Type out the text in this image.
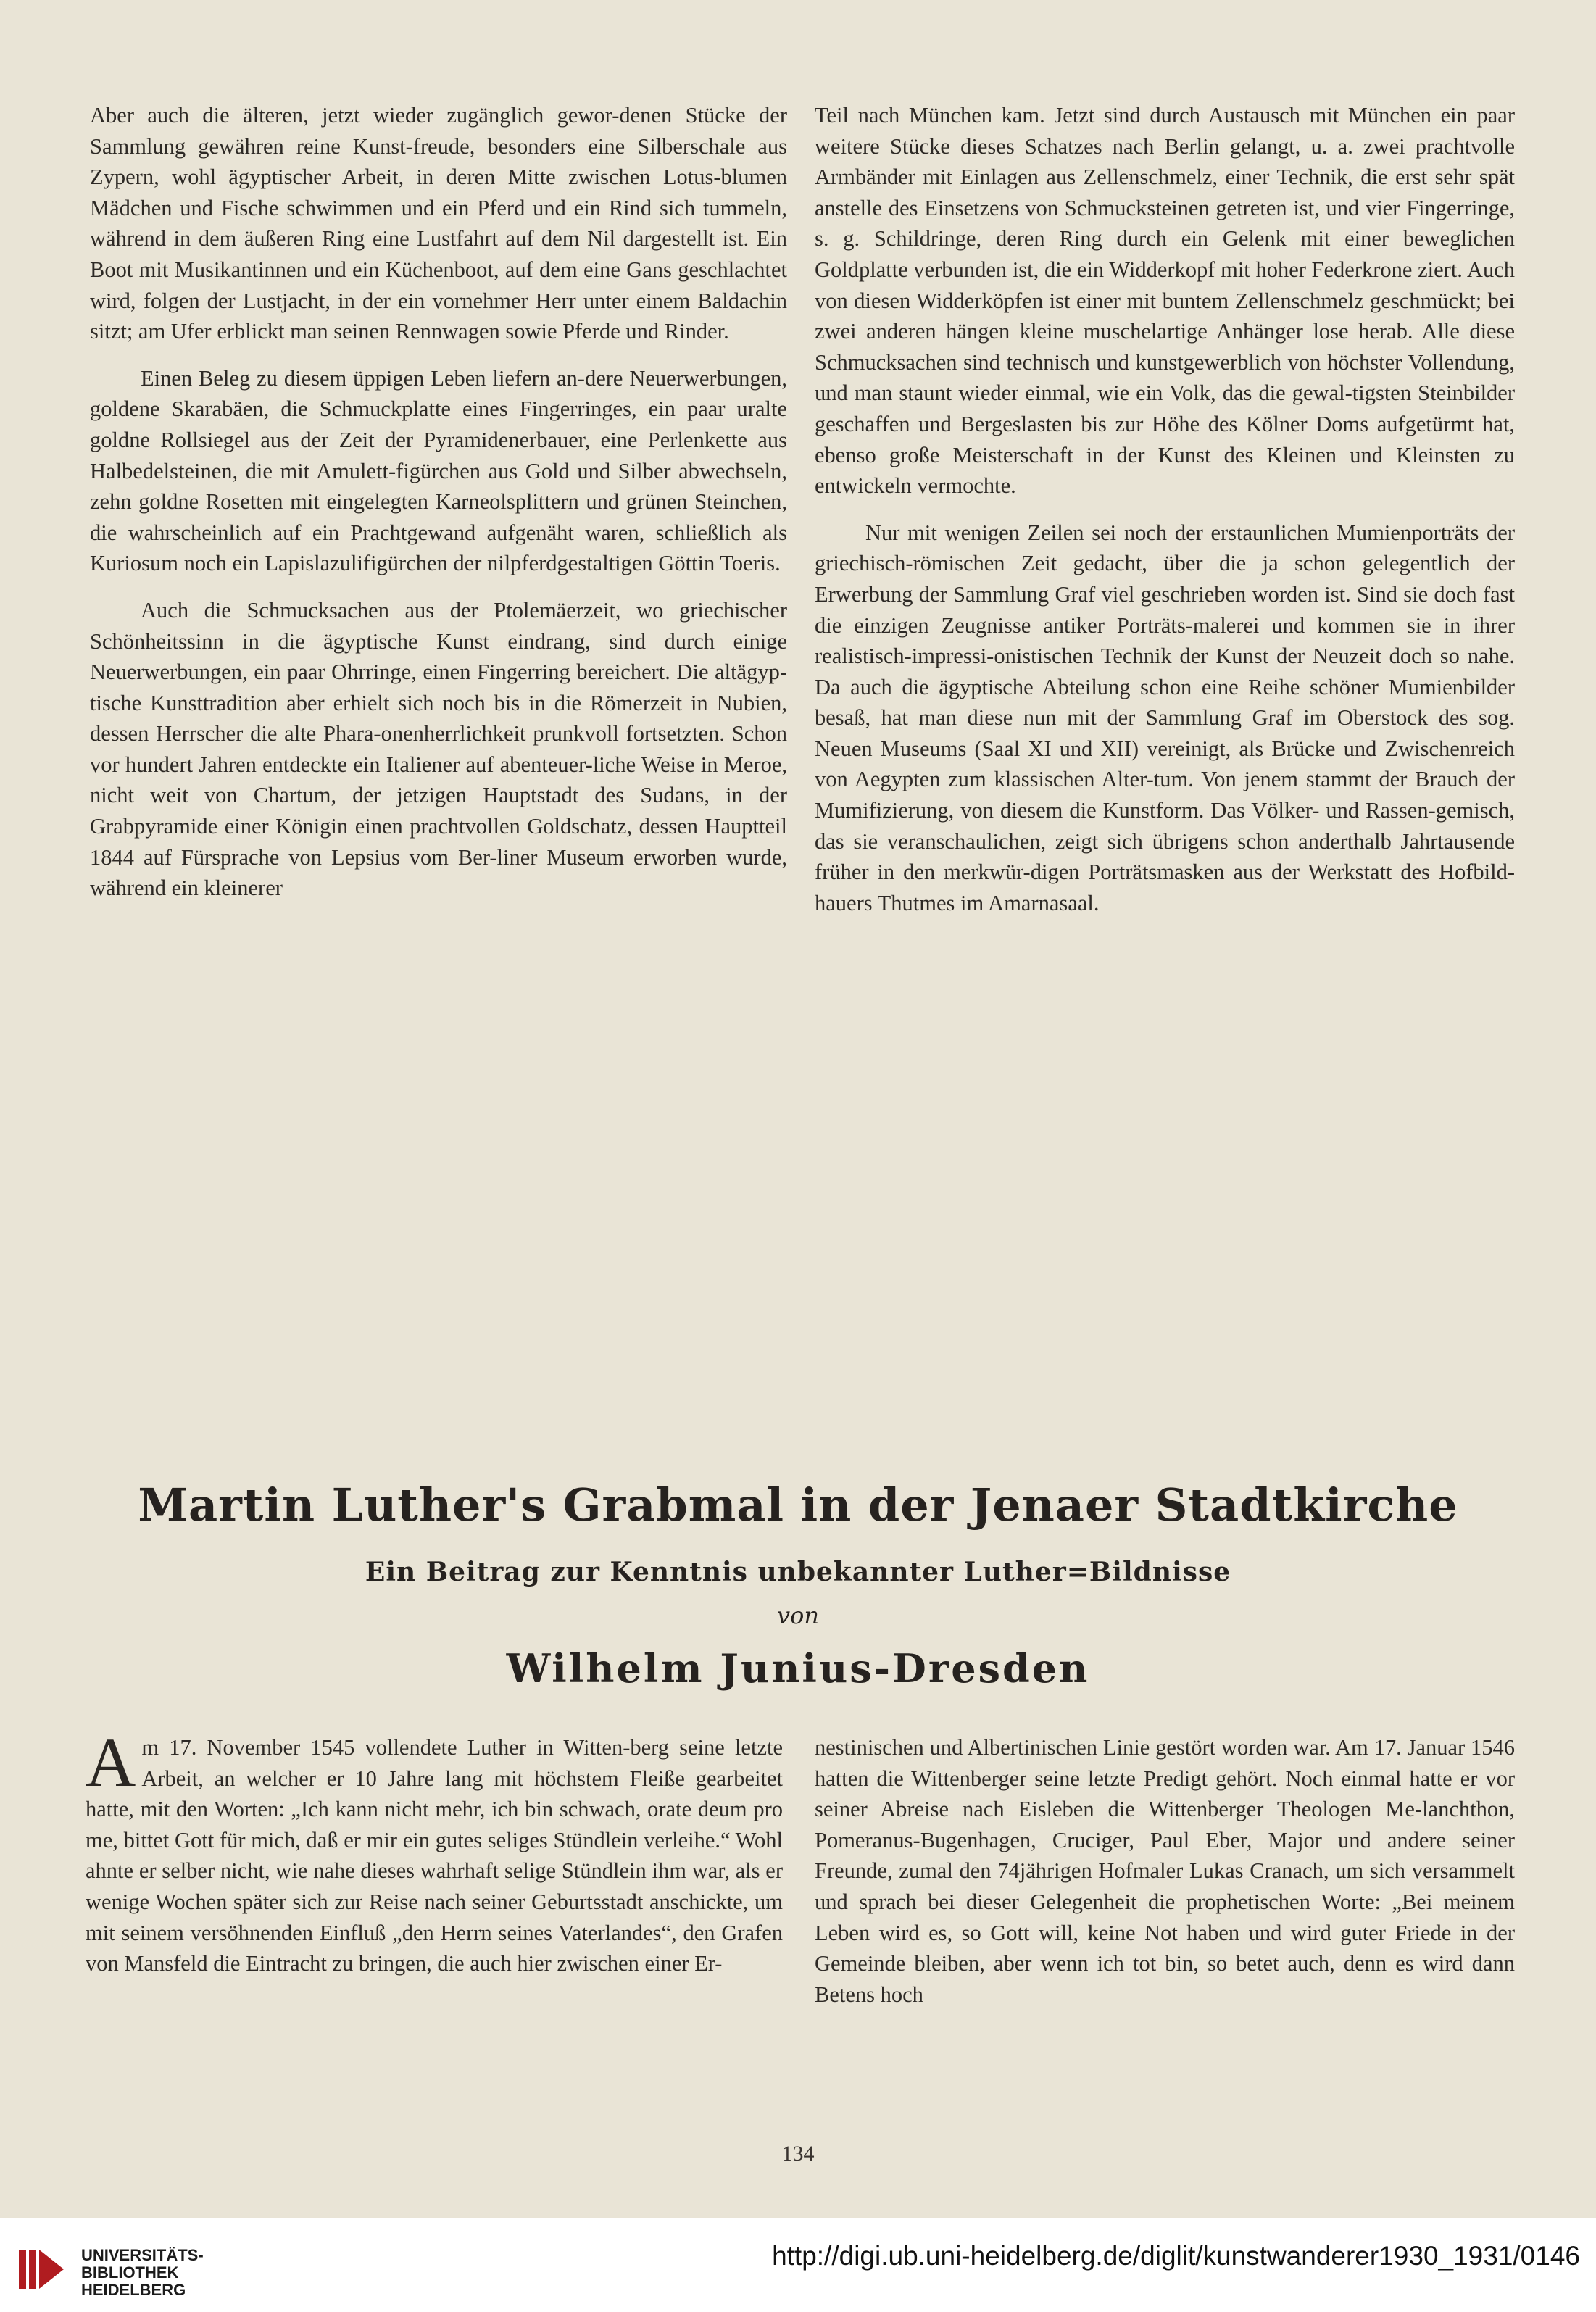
Aber auch die älteren, jetzt wieder zugänglich gewor-denen Stücke der Sammlung gewähren reine Kunst-freude, besonders eine Silberschale aus Zypern, wohl ägyptischer Arbeit, in deren Mitte zwischen Lotus-blumen Mädchen und Fische schwimmen und ein Pferd und ein Rind sich tummeln, während in dem äußeren Ring eine Lustfahrt auf dem Nil dargestellt ist. Ein Boot mit Musikantinnen und ein Küchenboot, auf dem eine Gans geschlachtet wird, folgen der Lustjacht, in der ein vornehmer Herr unter einem Baldachin sitzt; am Ufer erblickt man seinen Rennwagen sowie Pferde und Rinder.

Einen Beleg zu diesem üppigen Leben liefern an-dere Neuerwerbungen, goldene Skarabäen, die Schmuckplatte eines Fingerringes, ein paar uralte goldne Rollsiegel aus der Zeit der Pyramidenerbauer, eine Perlenkette aus Halbedelsteinen, die mit Amulett-figürchen aus Gold und Silber abwechseln, zehn goldne Rosetten mit eingelegten Karneolsplittern und grünen Steinchen, die wahrscheinlich auf ein Prachtgewand aufgenäht waren, schließlich als Kuriosum noch ein Lapislazulifigürchen der nilpferdgestaltigen Göttin Toeris.

Auch die Schmucksachen aus der Ptolemäerzeit, wo griechischer Schönheitssinn in die ägyptische Kunst eindrang, sind durch einige Neuerwerbungen, ein paar Ohrringe, einen Fingerring bereichert. Die altägyp-tische Kunsttradition aber erhielt sich noch bis in die Römerzeit in Nubien, dessen Herrscher die alte Phara-onenherrlichkeit prunkvoll fortsetzten. Schon vor hundert Jahren entdeckte ein Italiener auf abenteuer-liche Weise in Meroe, nicht weit von Chartum, der jetzigen Hauptstadt des Sudans, in der Grabpyramide einer Königin einen prachtvollen Goldschatz, dessen Hauptteil 1844 auf Fürsprache von Lepsius vom Ber-liner Museum erworben wurde, während ein kleinerer

Teil nach München kam. Jetzt sind durch Austausch mit München ein paar weitere Stücke dieses Schatzes nach Berlin gelangt, u. a. zwei prachtvolle Armbänder mit Einlagen aus Zellenschmelz, einer Technik, die erst sehr spät anstelle des Einsetzens von Schmucksteinen getreten ist, und vier Fingerringe, s. g. Schildringe, deren Ring durch ein Gelenk mit einer beweglichen Goldplatte verbunden ist, die ein Widderkopf mit hoher Federkrone ziert. Auch von diesen Widderköpfen ist einer mit buntem Zellenschmelz geschmückt; bei zwei anderen hängen kleine muschelartige Anhänger lose herab. Alle diese Schmucksachen sind technisch und kunstgewerblich von höchster Vollendung, und man staunt wieder einmal, wie ein Volk, das die gewal-tigsten Steinbilder geschaffen und Bergeslasten bis zur Höhe des Kölner Doms aufgetürmt hat, ebenso große Meisterschaft in der Kunst des Kleinen und Kleinsten zu entwickeln vermochte.

Nur mit wenigen Zeilen sei noch der erstaunlichen Mumienporträts der griechisch-römischen Zeit gedacht, über die ja schon gelegentlich der Erwerbung der Sammlung Graf viel geschrieben worden ist. Sind sie doch fast die einzigen Zeugnisse antiker Porträts-malerei und kommen sie in ihrer realistisch-impressi-onistischen Technik der Kunst der Neuzeit doch so nahe. Da auch die ägyptische Abteilung schon eine Reihe schöner Mumienbilder besaß, hat man diese nun mit der Sammlung Graf im Oberstock des sog. Neuen Museums (Saal XI und XII) vereinigt, als Brücke und Zwischenreich von Aegypten zum klassischen Alter-tum. Von jenem stammt der Brauch der Mumifizierung, von diesem die Kunstform. Das Völker- und Rassen-gemisch, das sie veranschaulichen, zeigt sich übrigens schon anderthalb Jahrtausende früher in den merkwür-digen Porträtsmasken aus der Werkstatt des Hofbild-hauers Thutmes im Amarnasaal.

Martin Luther's Grabmal in der Jenaer Stadtkirche
Ein Beitrag zur Kenntnis unbekannter Luther=Bildnisse
von
Wilhelm Junius-Dresden

Am 17. November 1545 vollendete Luther in Witten-berg seine letzte Arbeit, an welcher er 10 Jahre lang mit höchstem Fleiße gearbeitet hatte, mit den Worten: „Ich kann nicht mehr, ich bin schwach, orate deum pro me, bittet Gott für mich, daß er mir ein gutes seliges Stündlein verleihe.“ Wohl ahnte er selber nicht, wie nahe dieses wahrhaft selige Stündlein ihm war, als er wenige Wochen später sich zur Reise nach seiner Geburtsstadt anschickte, um mit seinem versöhnenden Einfluß „den Herrn seines Vaterlandes“, den Grafen von Mansfeld die Eintracht zu bringen, die auch hier zwischen einer Er-

nestinischen und Albertinischen Linie gestört worden war. Am 17. Januar 1546 hatten die Wittenberger seine letzte Predigt gehört. Noch einmal hatte er vor seiner Abreise nach Eisleben die Wittenberger Theologen Me-lanchthon, Pomeranus-Bugenhagen, Cruciger, Paul Eber, Major und andere seiner Freunde, zumal den 74jährigen Hofmaler Lukas Cranach, um sich versammelt und sprach bei dieser Gelegenheit die prophetischen Worte: „Bei meinem Leben wird es, so Gott will, keine Not haben und wird guter Friede in der Gemeinde bleiben, aber wenn ich tot bin, so betet auch, denn es wird dann Betens hoch

134
UNIVERSITÄTS-
BIBLIOTHEK
HEIDELBERG
http://digi.ub.uni-heidelberg.de/diglit/kunstwanderer1930_1931/0146
